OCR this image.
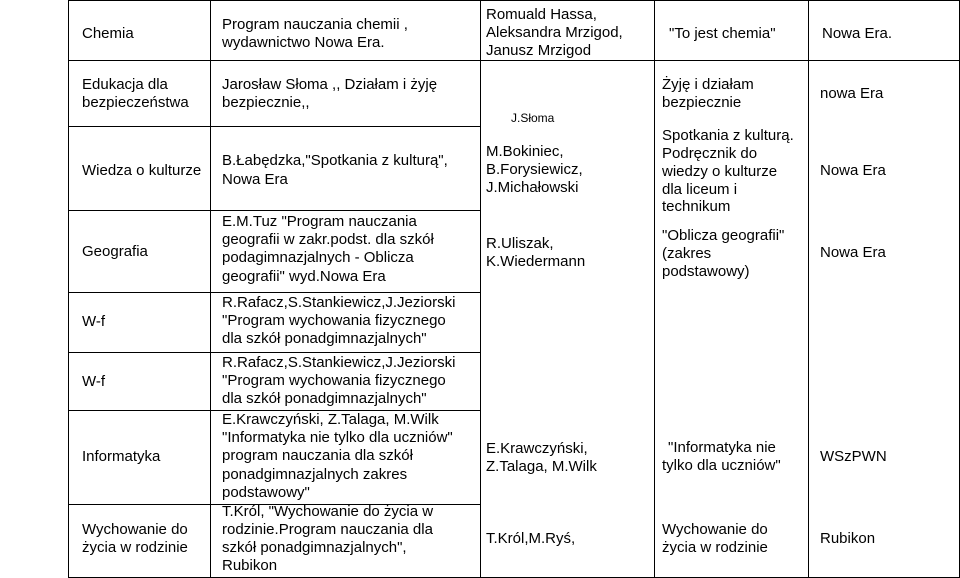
Chemia
Program nauczania chemii ,
wydawnictwo Nowa Era.
Romuald Hassa,
Aleksandra Mrzigod,
Janusz Mrzigod
"To jest chemia"	Nowa Era.
Edukacja dla
bezpieczeństwa
Jarosław Słoma ,, Działam i żyję
bezpiecznie,,
J.Słoma
Żyję i działam
bezpiecznie
nowa Era
Wiedza o kulturze
B.Łabędzka,"Spotkania z kulturą",
Nowa Era
M.Bokiniec,
B.Forysiewicz,
J.Michałowski
Spotkania z kulturą.
Podręcznik do
wiedzy o kulturze
dla liceum i
technikum
Nowa Era
Geografia
E.M.Tuz "Program nauczania
geografii w zakr.podst. dla szkół
podagimnazjalnych - Oblicza
geografii" wyd.Nowa Era
R.Uliszak,
K.Wiedermann
"Oblicza geografii"
(zakres
podstawowy)
Nowa Era
W-f
R.Rafacz,S.Stankiewicz,J.Jeziorski
"Program wychowania fizycznego
dla szkół ponadgimnazjalnych"
W-f
R.Rafacz,S.Stankiewicz,J.Jeziorski
"Program wychowania fizycznego
dla szkół ponadgimnazjalnych"
Informatyka
E.Krawczyński, Z.Talaga, M.Wilk
"Informatyka nie tylko dla uczniów"
program nauczania dla szkół
ponadgimnazjalnych zakres
podstawowy"
E.Krawczyński,
Z.Talaga, M.Wilk
"Informatyka nie
tylko dla uczniów"
WSzPWN
Wychowanie do
życia w rodzinie
T.Król, "Wychowanie do życia w
rodzinie.Program nauczania dla
szkół ponadgimnazjalnych",
Rubikon
T.Król,M.Ryś,
Wychowanie do
życia w rodzinie
Rubikon
